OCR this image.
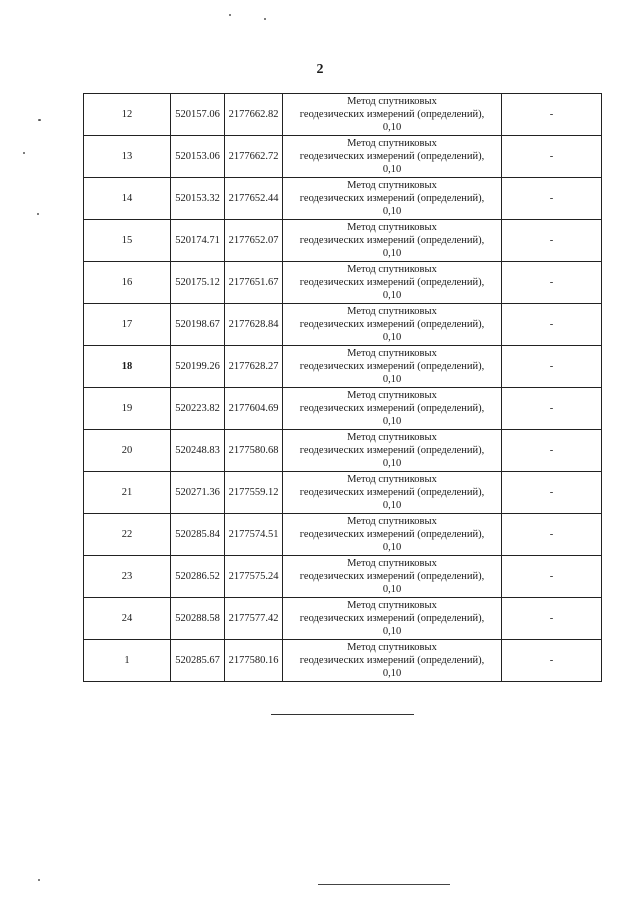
2
12	520157.06	2177662.82	Метод спутниковых
геодезических измерений (определений),
0,10	-
13	520153.06	2177662.72	Метод спутниковых
геодезических измерений (определений),
0,10	-
14	520153.32	2177652.44	Метод спутниковых
геодезических измерений (определений),
0,10	-
15	520174.71	2177652.07	Метод спутниковых
геодезических измерений (определений),
0,10	-
16	520175.12	2177651.67	Метод спутниковых
геодезических измерений (определений),
0,10	-
17	520198.67	2177628.84	Метод спутниковых
геодезических измерений (определений),
0,10	-
18	520199.26	2177628.27	Метод спутниковых
геодезических измерений (определений),
0,10	-
19	520223.82	2177604.69	Метод спутниковых
геодезических измерений (определений),
0,10	-
20	520248.83	2177580.68	Метод спутниковых
геодезических измерений (определений),
0,10	-
21	520271.36	2177559.12	Метод спутниковых
геодезических измерений (определений),
0,10	-
22	520285.84	2177574.51	Метод спутниковых
геодезических измерений (определений),
0,10	-
23	520286.52	2177575.24	Метод спутниковых
геодезических измерений (определений),
0,10	-
24	520288.58	2177577.42	Метод спутниковых
геодезических измерений (определений),
0,10	-
1	520285.67	2177580.16	Метод спутниковых
геодезических измерений (определений),
0,10	-
